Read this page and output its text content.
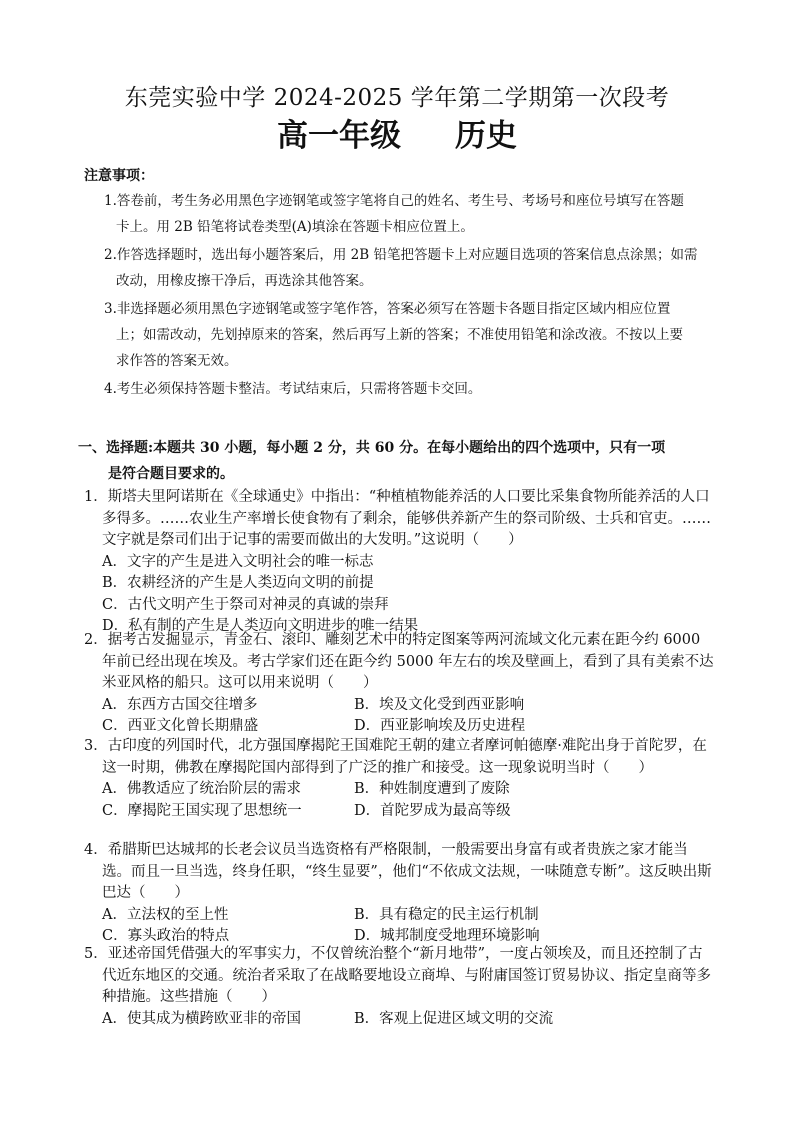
东莞实验中学 2024-2025 学年第二学期第一次段考
高一年级     历史
注意事项：
1.答卷前，考生务必用黑色字迹钢笔或签字笔将自己的姓名、考生号、考场号和座位号填写在答题
卡上。用 2B 铅笔将试卷类型(A)填涂在答题卡相应位置上。
2.作答选择题时，选出每小题答案后，用 2B 铅笔把答题卡上对应题目选项的答案信息点涂黑；如需
改动，用橡皮擦干净后，再选涂其他答案。
3.非选择题必须用黑色字迹钢笔或签字笔作答，答案必须写在答题卡各题目指定区域内相应位置
上；如需改动，先划掉原来的答案，然后再写上新的答案；不准使用铅笔和涂改液。不按以上要
求作答的答案无效。
4.考生必须保持答题卡整洁。考试结束后，只需将答题卡交回。
一、选择题:本题共 30 小题，每小题 2 分，共 60 分。在每小题给出的四个选项中，只有一项
是符合题目要求的。
1．斯塔夫里阿诺斯在《全球通史》中指出：“种植植物能养活的人口要比采集食物所能养活的人口多得多。……农业生产率增长使食物有了剩余，能够供养新产生的祭司阶级、士兵和官吏。……文字就是祭司们出于记事的需要而做出的大发明。”这说明（　　）
A．文字的产生是进入文明社会的唯一标志
B．农耕经济的产生是人类迈向文明的前提
C．古代文明产生于祭司对神灵的真诚的崇拜
D．私有制的产生是人类迈向文明进步的唯一结果
2．据考古发掘显示，青金石、滚印、雕刻艺术中的特定图案等两河流域文化元素在距今约 6000 年前已经出现在埃及。考古学家们还在距今约 5000 年左右的埃及壁画上，看到了具有美索不达米亚风格的船只。这可以用来说明（　　）
A．东西方古国交往增多	B．埃及文化受到西亚影响
C．西亚文化曾长期鼎盛	D．西亚影响埃及历史进程
3．古印度的列国时代，北方强国摩揭陀王国难陀王朝的建立者摩诃帕德摩·难陀出身于首陀罗，在这一时期，佛教在摩揭陀国内部得到了广泛的推广和接受。这一现象说明当时（　　）
A．佛教适应了统治阶层的需求	B．种姓制度遭到了废除
C．摩揭陀王国实现了思想统一	D．首陀罗成为最高等级
4．希腊斯巴达城邦的长老会议员当选资格有严格限制，一般需要出身富有或者贵族之家才能当选。而且一旦当选，终身任职，“终生显要”，他们“不依成文法规，一味随意专断”。这反映出斯巴达（　　）
A．立法权的至上性	B．具有稳定的民主运行机制
C．寡头政治的特点	D．城邦制度受地理环境影响
5．亚述帝国凭借强大的军事实力，不仅曾统治整个“新月地带”，一度占领埃及，而且还控制了古代近东地区的交通。统治者采取了在战略要地设立商埠、与附庸国签订贸易协议、指定皇商等多种措施。这些措施（　　）
A．使其成为横跨欧亚非的帝国	B．客观上促进区域文明的交流
